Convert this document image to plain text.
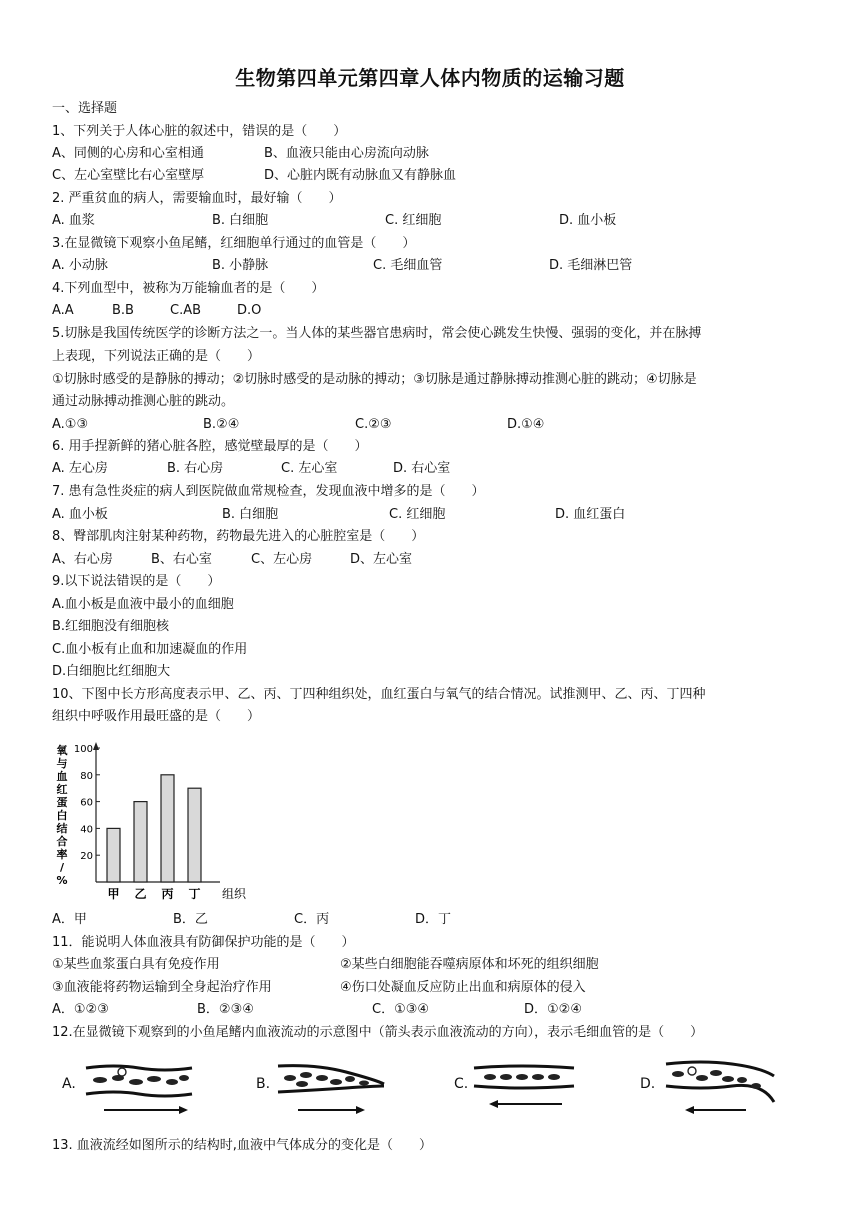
生物第四单元第四章人体内物质的运输习题
一、选择题
1、下列关于人体心脏的叙述中，错误的是（　　）
A、同侧的心房和心室相通	B、血液只能由心房流向动脉
C、左心室壁比右心室壁厚	D、心脏内既有动脉血又有静脉血
2. 严重贫血的病人，需要输血时，最好输（　　）
A. 血浆	B. 白细胞	C. 红细胞	D. 血小板
3.在显微镜下观察小鱼尾鳍，红细胞单行通过的血管是（　　）
A. 小动脉	B. 小静脉	C. 毛细血管	D. 毛细淋巴管
4.下列血型中，被称为万能输血者的是（　　）
A.A	B.B	C.AB	D.O
5.切脉是我国传统医学的诊断方法之一。当人体的某些器官患病时，常会使心跳发生快慢、强弱的变化，并在脉搏
上表现，下列说法正确的是（　　）
①切脉时感受的是静脉的搏动；②切脉时感受的是动脉的搏动；③切脉是通过静脉搏动推测心脏的跳动；④切脉是
通过动脉搏动推测心脏的跳动。
A.①③	B.②④	C.②③	D.①④
6. 用手捏新鲜的猪心脏各腔，感觉壁最厚的是（　　）
A. 左心房	B. 右心房	C. 左心室	D. 右心室
7. 患有急性炎症的病人到医院做血常规检查，发现血液中增多的是（　　）
A. 血小板	B. 白细胞	C. 红细胞	D. 血红蛋白
8、臀部肌肉注射某种药物，药物最先进入的心脏腔室是（　　）
A、右心房	B、右心室	C、左心房	D、左心室
9.以下说法错误的是（　　）
A.血小板是血液中最小的血细胞
B.红细胞没有细胞核
C.血小板有止血和加速凝血的作用
D.白细胞比红细胞大
10、下图中长方形高度表示甲、乙、丙、丁四种组织处，血红蛋白与氧气的结合情况。试推测甲、乙、丙、丁四种
组织中呼吸作用最旺盛的是（　　）
氧
与
血
红
蛋
白
结
合
率
/
%
20
40
60
80
100
甲 乙 丙 丁 组织
A．甲	B．乙	C．丙	D．丁
11．能说明人体血液具有防御保护功能的是（　　）
①某些血浆蛋白具有免疫作用	②某些白细胞能吞噬病原体和坏死的组织细胞
③血液能将药物运输到全身起治疗作用	④伤口处凝血反应防止出血和病原体的侵入
A．①②③	B．②③④	C．①③④	D．①②④
12.在显微镜下观察到的小鱼尾鳍内血液流动的示意图中（箭头表示血液流动的方向），表示毛细血管的是（　　）
A.	B.	C.	D.
13. 血液流经如图所示的结构时,血液中气体成分的变化是（　　）
